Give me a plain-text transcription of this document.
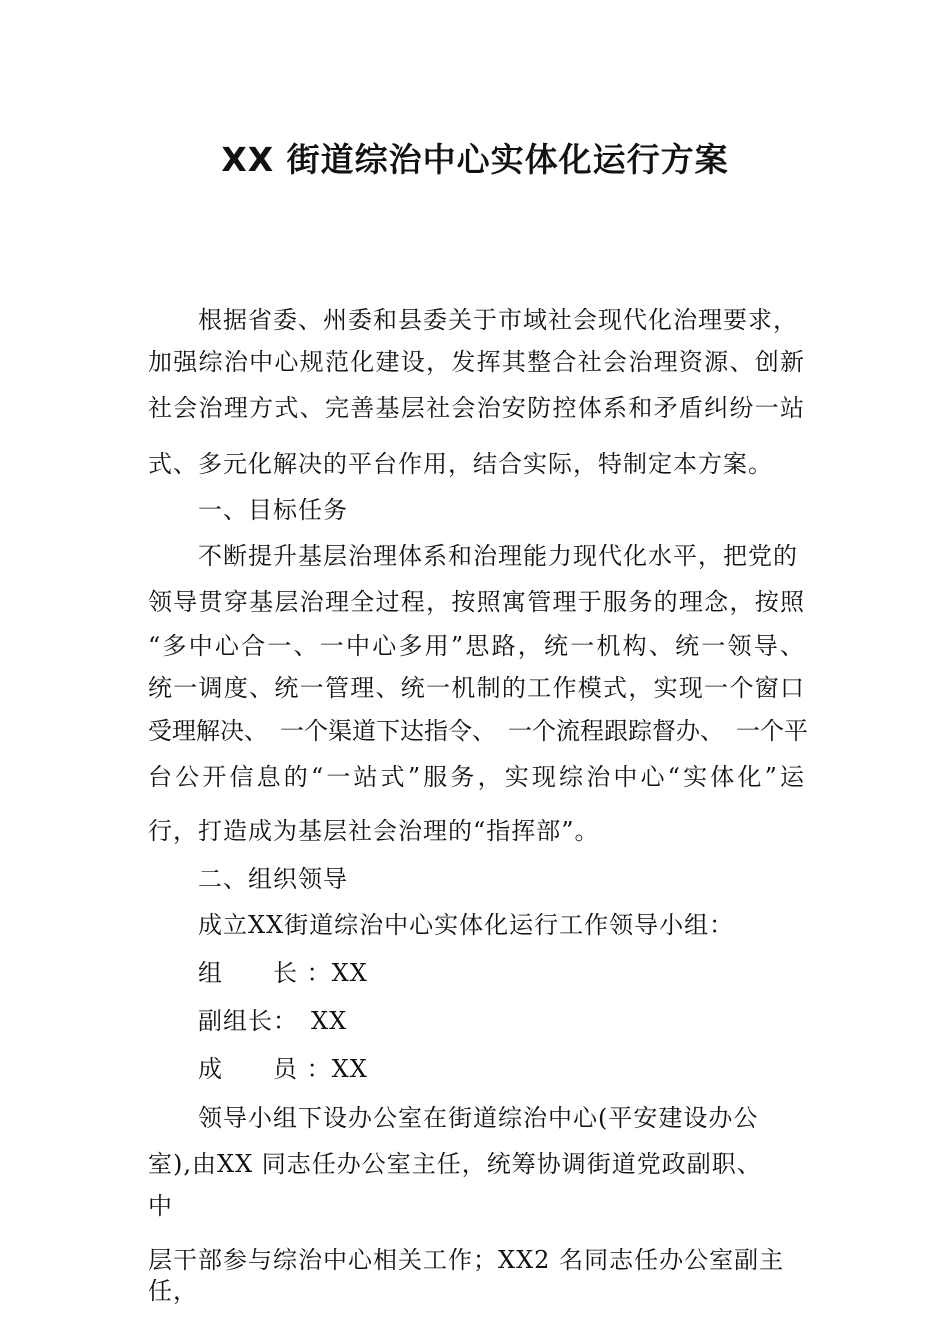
XX 街道综治中心实体化运行方案
根据省委、州委和县委关于市域社会现代化治理要求，
加强综治中心规范化建设，发挥其整合社会治理资源、创新
社会治理方式、完善基层社会治安防控体系和矛盾纠纷一站
式、多元化解决的平台作用，结合实际，特制定本方案。
一、目标任务
不断提升基层治理体系和治理能力现代化水平，把党的
领导贯穿基层治理全过程，按照寓管理于服务的理念，按照
“多中心合一、一中心多用”思路，统一机构、统一领导、
统一调度、统一管理、统一机制的工作模式，实现一个窗口
受理解决、　一个渠道下达指令、　一个流程跟踪督办、　一个平
台公开信息的“一站式”服务，实现综治中心“实体化”运
行，打造成为基层社会治理的“指挥部”。
二、组织领导
成立XX街道综治中心实体化运行工作领导小组：
组　　长 ：XX
副组长：　XX
成　　员 ：XX
领导小组下设办公室在街道综治中心(平安建设办公
室),由XX 同志任办公室主任，统筹协调街道党政副职、
中
层干部参与综治中心相关工作；XX2 名同志任办公室副主
任，
